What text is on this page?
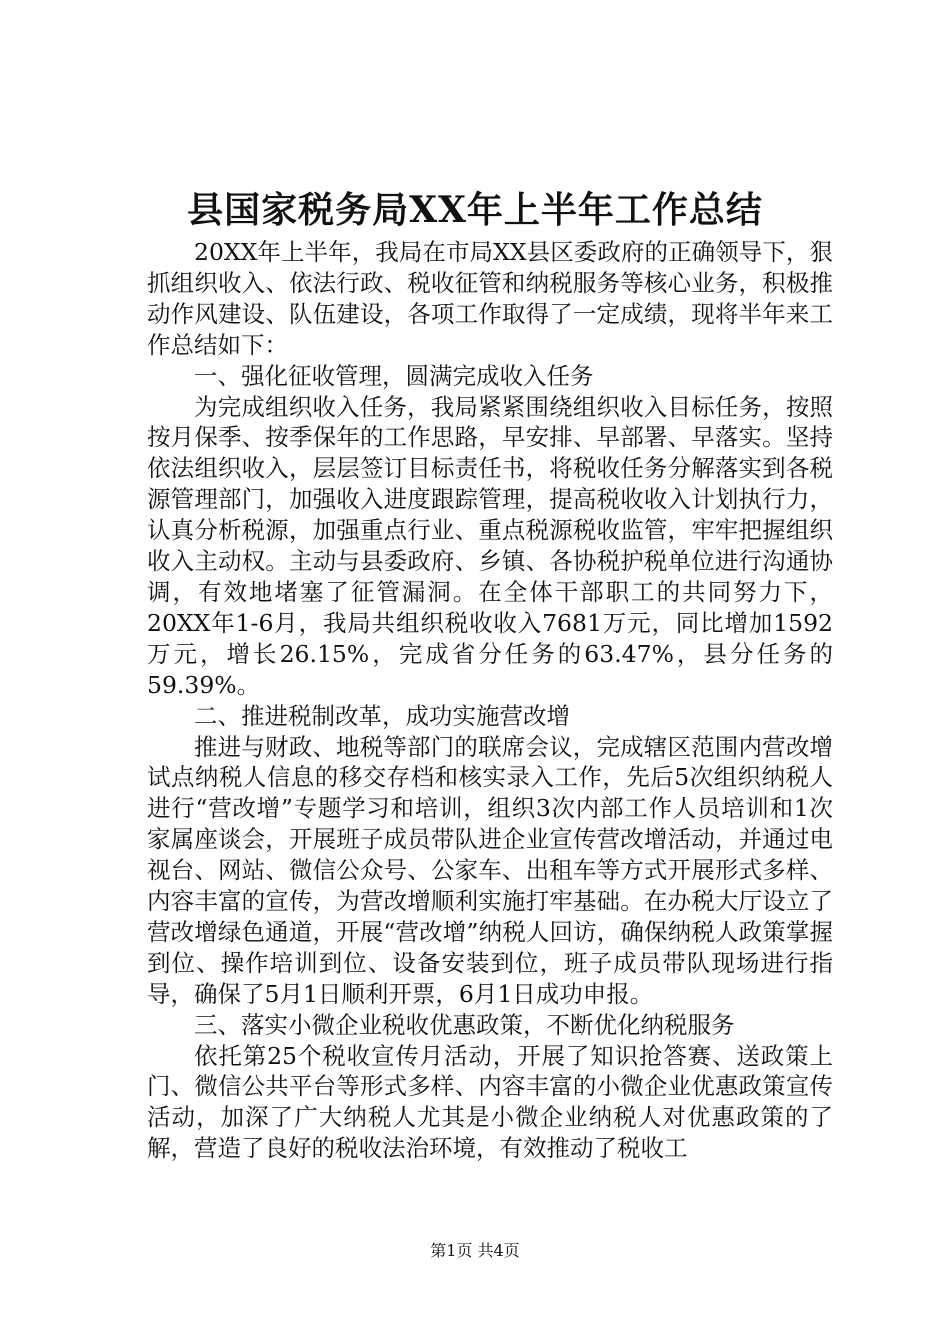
县国家税务局XX年上半年工作总结

20XX年上半年，我局在市局XX县区委政府的正确领导下，狠抓组织收入、依法行政、税收征管和纳税服务等核心业务，积极推动作风建设、队伍建设，各项工作取得了一定成绩，现将半年来工作总结如下：

一、强化征收管理，圆满完成收入任务

为完成组织收入任务，我局紧紧围绕组织收入目标任务，按照按月保季、按季保年的工作思路，早安排、早部署、早落实。坚持依法组织收入，层层签订目标责任书，将税收任务分解落实到各税源管理部门，加强收入进度跟踪管理，提高税收收入计划执行力，认真分析税源，加强重点行业、重点税源税收监管，牢牢把握组织收入主动权。主动与县委政府、乡镇、各协税护税单位进行沟通协调，有效地堵塞了征管漏洞。在全体干部职工的共同努力下，20XX年1-6月，我局共组织税收收入7681万元，同比增加1592万元，增长26.15%，完成省分任务的63.47%，县分任务的59.39%。

二、推进税制改革，成功实施营改增

推进与财政、地税等部门的联席会议，完成辖区范围内营改增试点纳税人信息的移交存档和核实录入工作，先后5次组织纳税人进行“营改增”专题学习和培训，组织3次内部工作人员培训和1次家属座谈会，开展班子成员带队进企业宣传营改增活动，并通过电视台、网站、微信公众号、公家车、出租车等方式开展形式多样、内容丰富的宣传，为营改增顺利实施打牢基础。在办税大厅设立了营改增绿色通道，开展“营改增”纳税人回访，确保纳税人政策掌握到位、操作培训到位、设备安装到位，班子成员带队现场进行指导，确保了5月1日顺利开票，6月1日成功申报。

三、落实小微企业税收优惠政策，不断优化纳税服务

依托第25个税收宣传月活动，开展了知识抢答赛、送政策上门、微信公共平台等形式多样、内容丰富的小微企业优惠政策宣传活动，加深了广大纳税人尤其是小微企业纳税人对优惠政策的了解，营造了良好的税收法治环境，有效推动了税收工

第1页 共4页
